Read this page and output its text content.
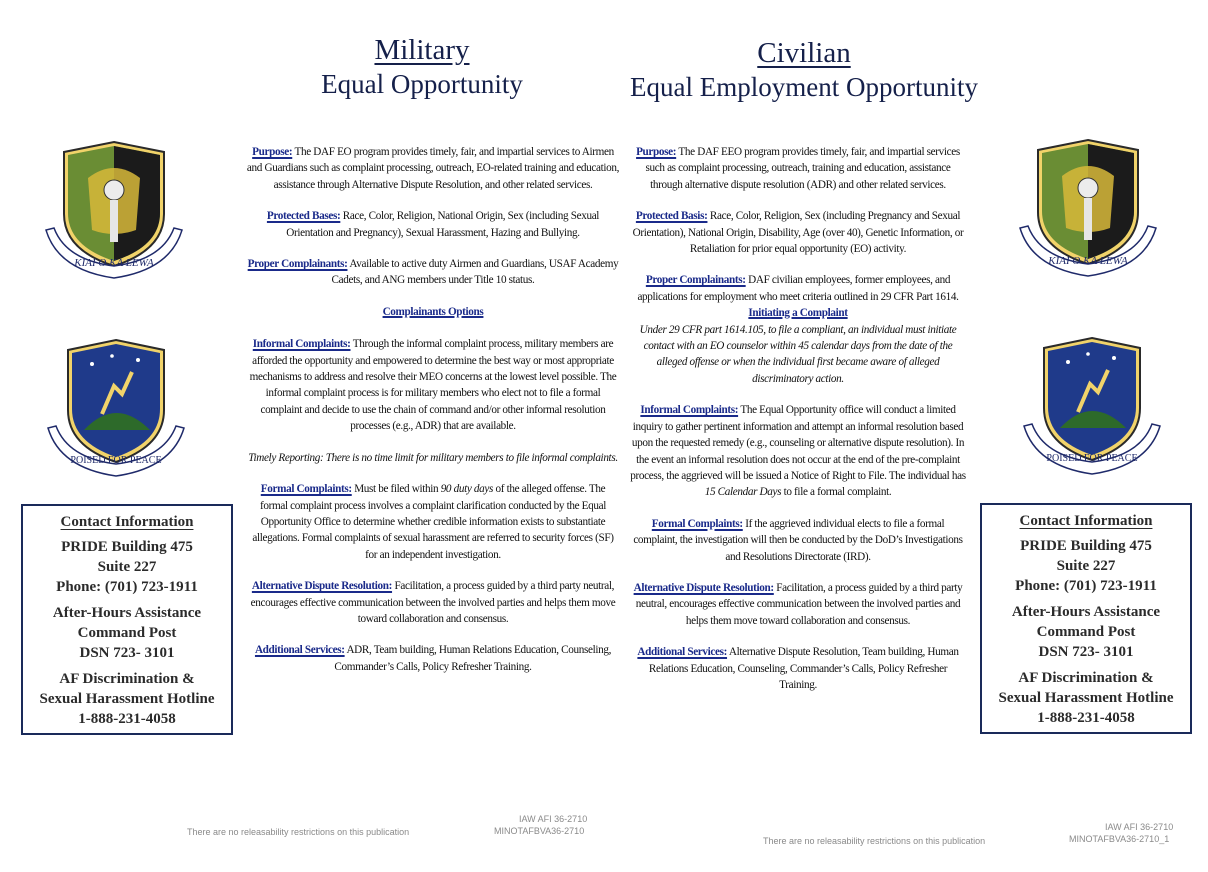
Military
Equal Opportunity
Civilian
Equal Employment Opportunity
KIAI O KA LEWA
POISED FOR PEACE
KIAI O KA LEWA
POISED FOR PEACE

Purpose: The DAF EO program provides timely, fair, and impartial services to Airmen and Guardians such as complaint processing, outreach, EO-related training and education, assistance through Alternative Dispute Resolution, and other related services.

Protected Bases: Race, Color, Religion, National Origin, Sex (including Sexual Orientation and Pregnancy), Sexual Harassment, Hazing and Bullying.

Proper Complainants: Available to active duty Airmen and Guardians, USAF Academy Cadets, and ANG members under Title 10 status.

Complainants Options

Informal Complaints: Through the informal complaint process, military members are afforded the opportunity and empowered to determine the best way or most appropriate mechanisms to address and resolve their MEO concerns at the lowest level possible. The informal complaint process is for military members who elect not to file a formal complaint and decide to use the chain of command and/or other informal resolution processes (e.g., ADR) that are available.

Timely Reporting: There is no time limit for military members to file informal complaints.

Formal Complaints: Must be filed within 90 duty days of the alleged offense. The formal complaint process involves a complaint clarification conducted by the Equal Opportunity Office to determine whether credible information exists to substantiate allegations. Formal complaints of sexual harassment are referred to security forces (SF) for an independent investigation.

Alternative Dispute Resolution: Facilitation, a process guided by a third party neutral, encourages effective communication between the involved parties and helps them move toward collaboration and consensus.

Additional Services: ADR, Team building, Human Relations Education, Counseling, Commander’s Calls, Policy Refresher Training.

Purpose: The DAF EEO program provides timely, fair, and impartial services such as complaint processing, outreach, training and education, assistance through alternative dispute resolution (ADR) and other related services.

Protected Basis: Race, Color, Religion, Sex (including Pregnancy and Sexual Orientation), National Origin, Disability, Age (over 40), Genetic Information, or Retaliation for prior equal opportunity (EO) activity.

Proper Complainants: DAF civilian employees, former employees, and applications for employment who meet criteria outlined in 29 CFR Part 1614.

Initiating a Complaint

Under 29 CFR part 1614.105, to file a compliant, an individual must initiate contact with an EO counselor within 45 calendar days from the date of the alleged offense or when the individual first became aware of alleged discriminatory action.

Informal Complaints: The Equal Opportunity office will conduct a limited inquiry to gather pertinent information and attempt an informal resolution based upon the requested remedy (e.g., counseling or alternative dispute resolution). In the event an informal resolution does not occur at the end of the pre-complaint process, the aggrieved will be issued a Notice of Right to File. The individual has 15 Calendar Days to file a formal complaint.

Formal Complaints: If the aggrieved individual elects to file a formal complaint, the investigation will then be conducted by the DoD’s Investigations and Resolutions Directorate (IRD).

Alternative Dispute Resolution: Facilitation, a process guided by a third party neutral, encourages effective communication between the involved parties and helps them move toward collaboration and consensus.

Additional Services: Alternative Dispute Resolution, Team building, Human Relations Education, Counseling, Commander’s Calls, Policy Refresher Training.

Contact Information
PRIDE Building 475
Suite 227
Phone: (701) 723-1911
After-Hours Assistance
Command Post
DSN 723- 3101
AF Discrimination &
Sexual Harassment Hotline
1-888-231-4058
Contact Information
PRIDE Building 475
Suite 227
Phone: (701) 723-1911
After-Hours Assistance
Command Post
DSN 723- 3101
AF Discrimination &
Sexual Harassment Hotline
1-888-231-4058
There are no releasability restrictions on this publication
IAW AFI 36-2710
MINOTAFBVA36-2710
There are no releasability restrictions on this publication
IAW AFI 36-2710
MINOTAFBVA36-2710_1
